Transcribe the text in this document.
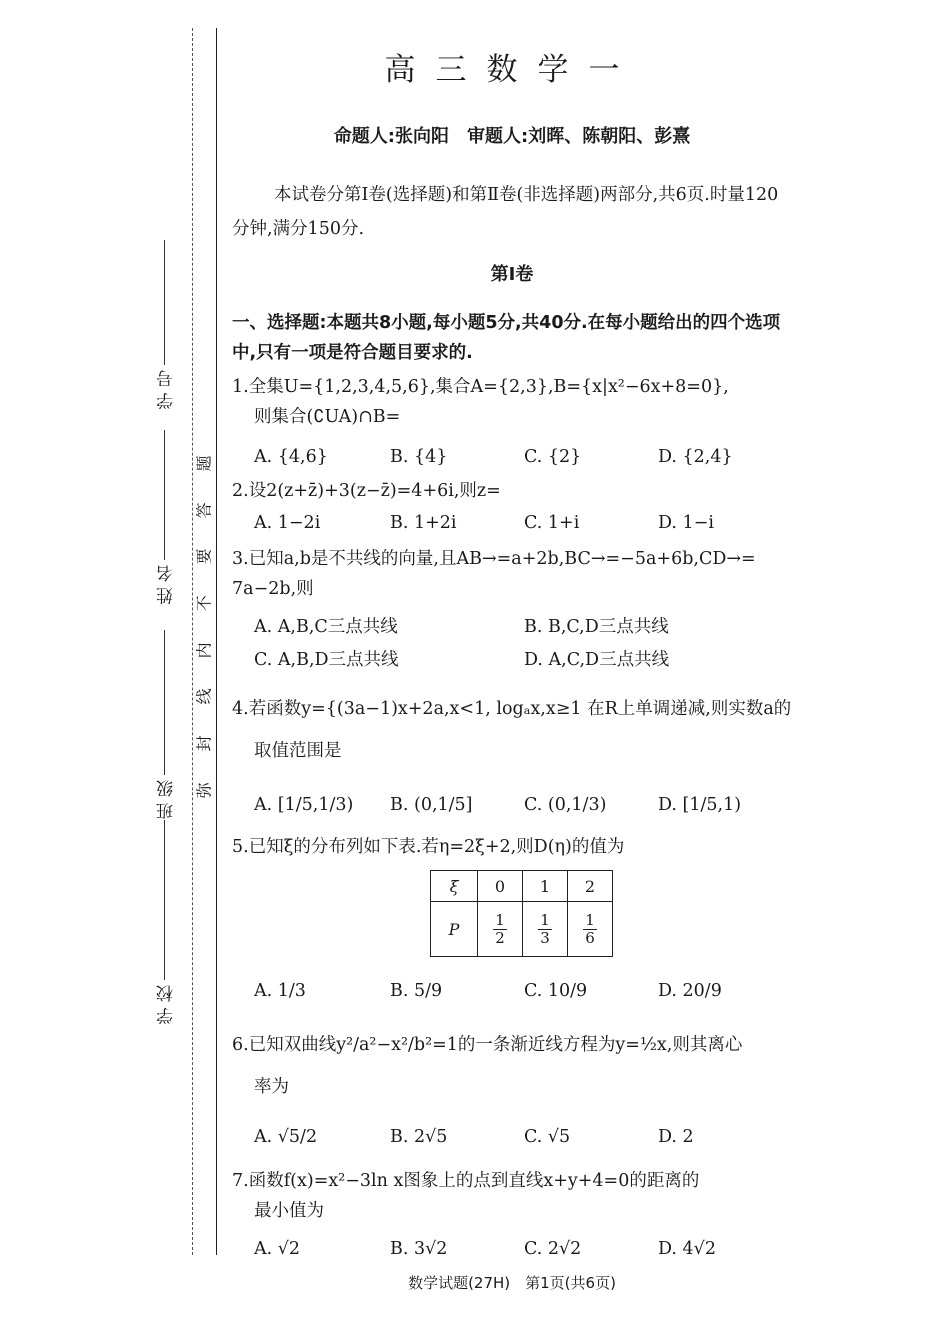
学 号
姓 名
班 级
学 校
题
答
要
不
内
线
封
弥
高三数学一
命题人:张向阳　审题人:刘晖、陈朝阳、彭熹
本试卷分第Ⅰ卷(选择题)和第Ⅱ卷(非选择题)两部分,共6页.时量120分钟,满分150分.
第Ⅰ卷
一、选择题:本题共8小题,每小题5分,共40分.在每小题给出的四个选项中,只有一项是符合题目要求的.
1.全集U={1,2,3,4,5,6},集合A={2,3},B={x|x²−6x+8=0},
则集合(∁UA)∩B=
A. {4,6}	B. {4}	C. {2}	D. {2,4}
2.设2(z+z̄)+3(z−z̄)=4+6i,则z=
A. 1−2i	B. 1+2i	C. 1+i	D. 1−i
3.已知a,b是不共线的向量,且AB→=a+2b,BC→=−5a+6b,CD→=
7a−2b,则
A. A,B,C三点共线	B. B,C,D三点共线
C. A,B,D三点共线	D. A,C,D三点共线
4.若函数y={(3a−1)x+2a,x<1, logₐx,x≥1 在R上单调递减,则实数a的
取值范围是
A. [1/5,1/3) B. (0,1/5]	C. (0,1/3)	D. [1/5,1)
5.已知ξ的分布列如下表.若η=2ξ+2,则D(η)的值为
ξ	0	1	2
P	$\frac{1}{2}$	$\frac{1}{3}$	$\frac{1}{6}$
A. 1/3	B. 5/9	C. 10/9	D. 20/9
6.已知双曲线y²/a²−x²/b²=1的一条渐近线方程为y=½x,则其离心
率为
A. √5/2	B. 2√5	C. √5	D. 2
7.函数f(x)=x²−3ln x图象上的点到直线x+y+4=0的距离的
最小值为
A. √2	B. 3√2	C. 2√2	D. 4√2
数学试题(27H)　第1页(共6页)
